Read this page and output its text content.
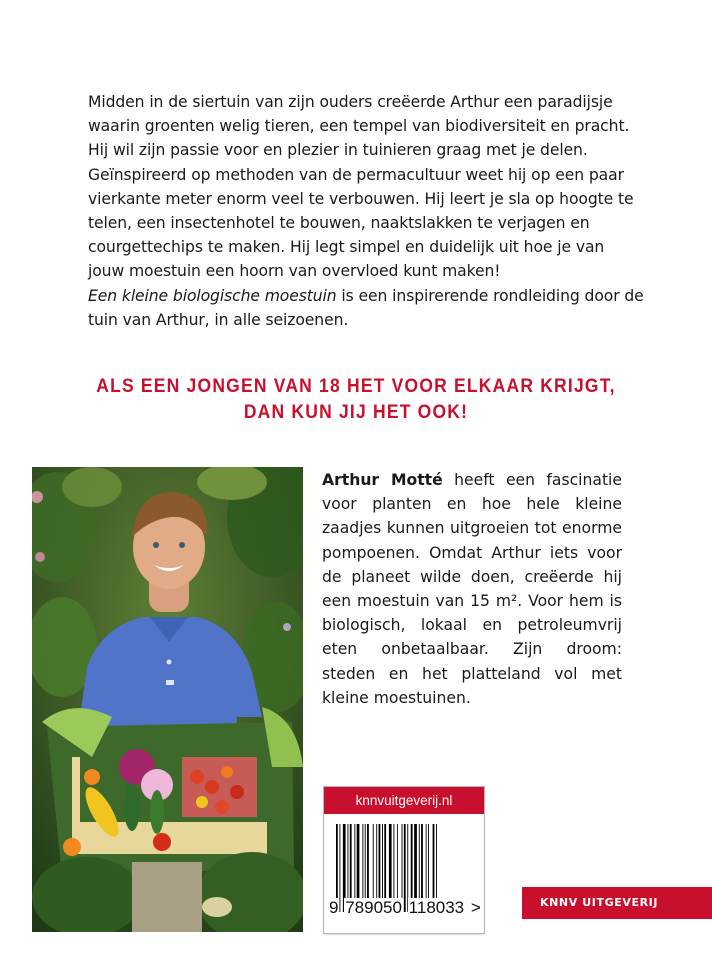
Midden in de siertuin van zijn ouders creëerde Arthur een paradijsje waarin groenten welig tieren, een tempel van biodiversiteit en pracht. Hij wil zijn passie voor en plezier in tuinieren graag met je delen. Geïnspireerd op methoden van de permacultuur weet hij op een paar vierkante meter enorm veel te verbouwen. Hij leert je sla op hoogte te telen, een insectenhotel te bouwen, naaktslakken te verjagen en courgettechips te maken. Hij legt simpel en duidelijk uit hoe je van jouw moestuin een hoorn van overvloed kunt maken!

Een kleine biologische moestuin is een inspirerende rondleiding door de tuin van Arthur, in alle seizoenen.

ALS EEN JONGEN VAN 18 HET VOOR ELKAAR KRIJGT,
DAN KUN JIJ HET OOK!

Arthur Motté heeft een fascinatie voor planten en hoe hele kleine zaadjes kunnen uitgroeien tot enorme pompoenen. Omdat Arthur iets voor de planeet wilde doen, creëerde hij een moestuin van 15 m². Voor hem is biologisch, lokaal en petroleumvrij eten onbetaalbaar. Zijn droom: steden en het platteland vol met kleine moestuinen.

knnvuitgeverij.nl
9 789050 118033 >	KNNV UITGEVERIJ
